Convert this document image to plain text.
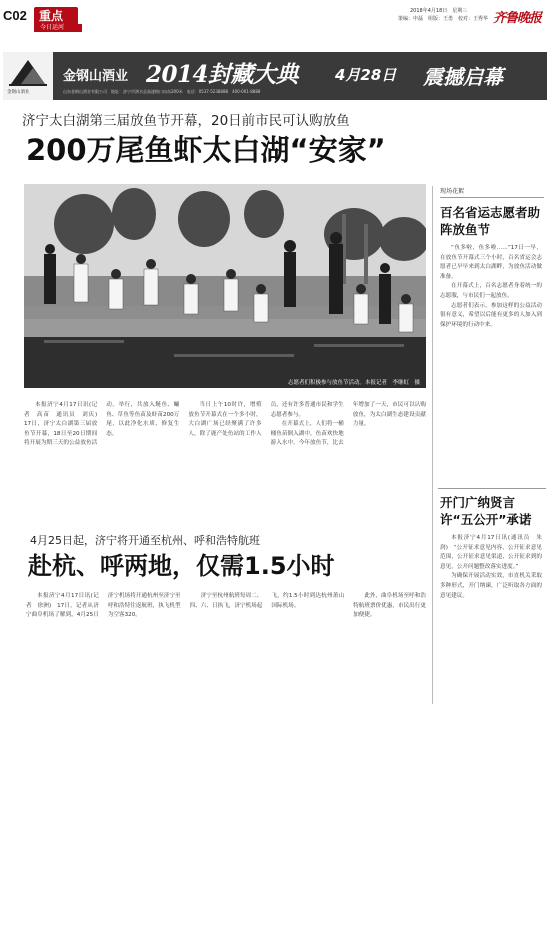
C02 重点
今日运河
2018年4月18日　星期三
策编：申磊　组版：王勇　校对：王秀华 齐鲁晚报
金钢山酒业
金钢山酒业 2014封藏大典 4月28日 震撼启幕
山东金钢山酒业有限公司　地址：济宁市泗水县高速路口向东200米　电话：0537-5238888　400-001-8888
济宁太白湖第三届放鱼节开幕，20日前市民可认购放鱼
200万尾鱼虾太白湖“安家”
志愿者们积极参与放鱼节活动。本报记者　李继虹　摄

本报济宁4月17日讯(记者　高苗　通讯员　刘庆)　17日，济宁太白湖第三届放鱼节开幕，18日至20日期间将开展为期三天的公益放鱼活动。举行，共放入鲢鱼、鳙鱼、草鱼等鱼苗及虾苗200万尾，以此净化水质、修复生态。

当日上午10时许，增殖放鱼节开幕式在一个多小时，大白湖广场已经聚满了许多人，除了鹿产处鱼站的工作人员，还有许多普通市民和学生志愿者参与。

在开幕式上，人们将一桶桶鱼苗倒入湖中，鱼苗欢快地游入水中。今年放鱼节，比去年增加了一天，市民可以认购放鱼，为太白湖生态建设贡献力量。

现场花絮
百名省运志愿者助阵放鱼节

“鱼多啦，鱼多啦……”17日一早，在放鱼节开幕式三个小时，百名省运会志愿者已早早来到太白湖畔，为放鱼活动做准备。

在开幕式上，百名志愿者身着统一的志愿服，与市民们一起放鱼。

志愿者们表示，参加这样的公益活动很有意义，希望以后能有更多的人加入到保护环境的行动中来。

4月25日起，济宁将开通至杭州、呼和浩特航班
赴杭、呼两地，仅需1.5小时

本报济宁4月17日讯(记者　徐洲)　17日，记者从济宁曲阜机场了解到，4月25日济宁机场将开通杭州至济宁至呼和浩特往返航班，执飞机型为空客320。

济宁至杭州航班每周二、四、六、日执飞，济宁机场起飞，约1.5小时到达杭州萧山国际机场。

此外，曲阜机场至呼和浩特航班票价优惠，市民出行更加便捷。

开门广纳贤言许“五公开”承诺

本报济宁4月17日讯(通讯员　朱润)　“公开征求意见内容，公开征求意见范围，公开征求意见渠道，公开征求到的意见，公开问题整改落实进度。”

为确保开展活动实效，市直机关采取多种形式，开门纳谏，广泛听取各方面的意见建议。
